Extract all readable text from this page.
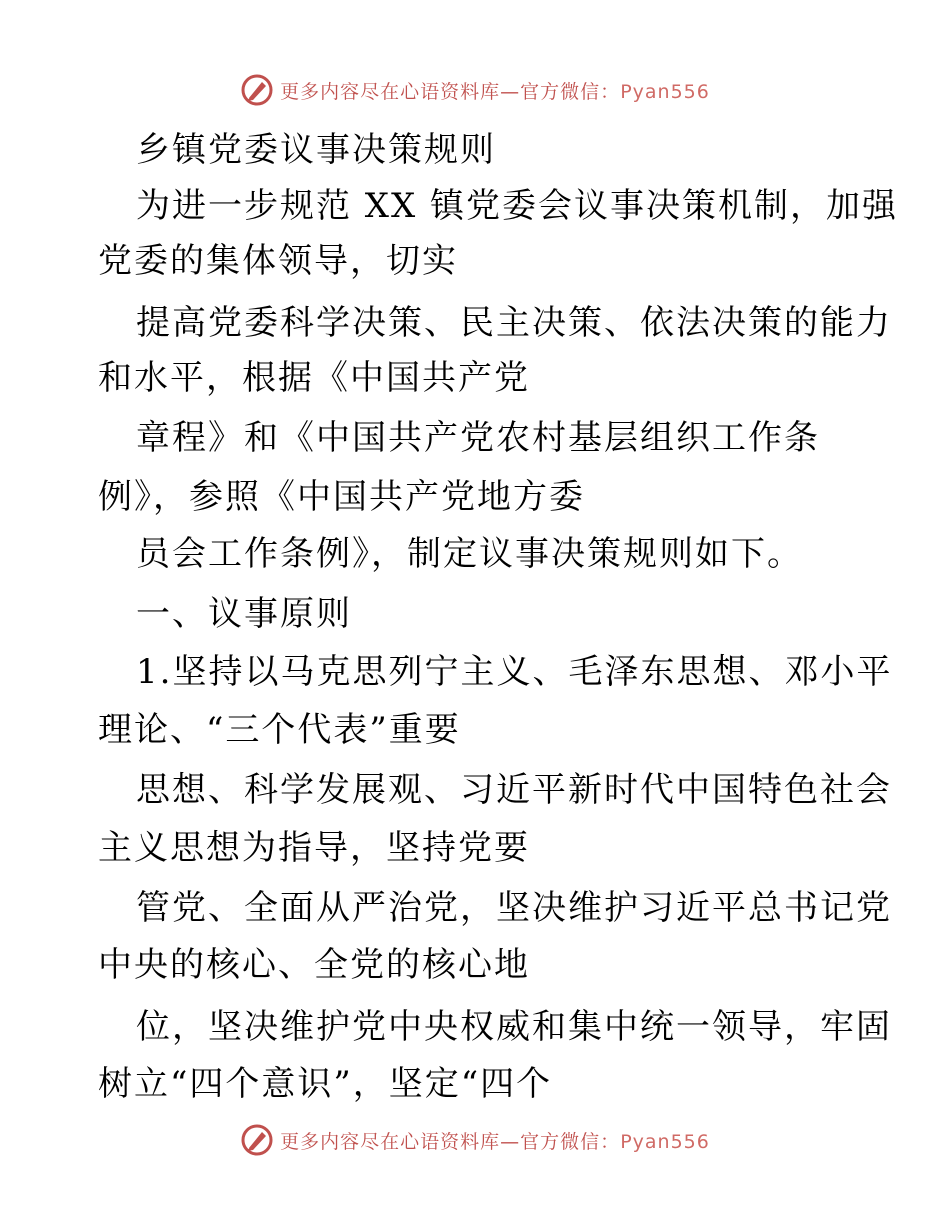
更多内容尽在心语资料库—官方微信：Pyan556
乡镇党委议事决策规则
为进一步规范 XX 镇党委会议事决策机制，加强
党委的集体领导，切实
提高党委科学决策、民主决策、依法决策的能力
和水平，根据《中国共产党
章程》和《中国共产党农村基层组织工作条
例》，参照《中国共产党地方委
员会工作条例》，制定议事决策规则如下。
一、议事原则
1.坚持以马克思列宁主义、毛泽东思想、邓小平
理论、“三个代表”重要
思想、科学发展观、习近平新时代中国特色社会
主义思想为指导，坚持党要
管党、全面从严治党，坚决维护习近平总书记党
中央的核心、全党的核心地
位，坚决维护党中央权威和集中统一领导，牢固
树立“四个意识”，坚定“四个
更多内容尽在心语资料库—官方微信：Pyan556
